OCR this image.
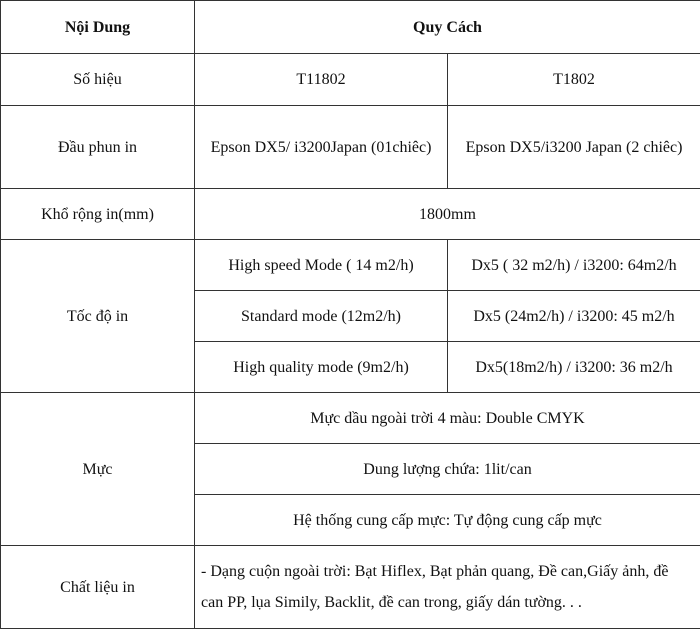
Nội Dung	Quy Cách	
Số hiệu	T11802	T1802
Đầu phun in	Epson DX5/ i3200Japan (01chiêc)	Epson DX5/i3200 Japan (2 chiêc)
Khổ rộng in(mm)	1800mm	
Tốc độ in	High speed Mode ( 14 m2/h)	Dx5 ( 32 m2/h) / i3200: 64m2/h
	Standard mode (12m2/h)	Dx5 (24m2/h) / i3200: 45 m2/h
	High quality mode (9m2/h)	Dx5(18m2/h) / i3200: 36 m2/h
Mực	Mực dầu ngoài trời 4 màu: Double CMYK	
	Dung lượng chứa: 1lit/can	
	Hệ thống cung cấp mực: Tự động cung cấp mực	
Chất liệu in	- Dạng cuộn ngoài trời: Bạt Hiflex, Bạt phản quang, Đề can,Giấy ảnh, đề can PP, lụa Simily, Backlit, đề can trong, giấy dán tường. . .	
